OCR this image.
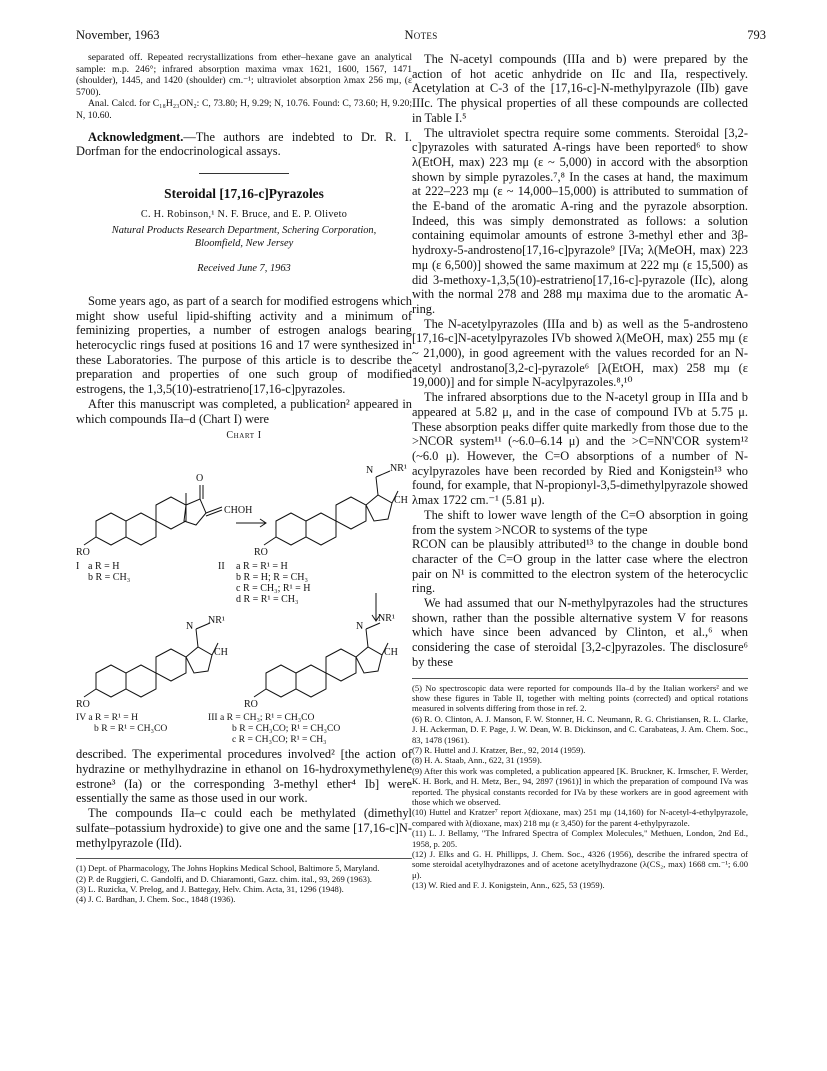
November, 1963	Notes	793

separated off. Repeated recrystallizations from ether–hexane gave an analytical sample: m.p. 246°; infrared absorption maxima νmax 1621, 1600, 1567, 1471 (shoulder), 1445, and 1420 (shoulder) cm.⁻¹; ultraviolet absorption λmax 256 mμ, (ε 5700).

Anal. Calcd. for C₁₈H₂₃ON₂: C, 73.80; H, 9.29; N, 10.76. Found: C, 73.60; H, 9.20; N, 10.60.

Acknowledgment.—The authors are indebted to Dr. R. I. Dorfman for the endocrinological assays.

Steroidal [17,16-c]Pyrazoles

C. H. Robinson,¹ N. F. Bruce, and E. P. Oliveto

Natural Products Research Department, Schering Corporation,

Bloomfield, New Jersey

Received June 7, 1963

Some years ago, as part of a search for modified estrogens which might show useful lipid-shifting activity and a minimum of feminizing properties, a number of estrogen analogs bearing heterocyclic rings fused at positions 16 and 17 were synthesized in these Laboratories. The purpose of this article is to describe the preparation and properties of one such group of modified estrogens, the 1,3,5(10)-estratrieno[17,16-c]pyrazoles.

After this manuscript was completed, a publication² appeared in which compounds IIa–d (Chart I) were

Chart I

O
CHOH
RO
NR¹
N
CH
RO
I a R = H
b R = CH₃
II a R = R¹ = H
b R = H; R = CH₃
c R = CH₃; R¹ = H
d R = R¹ = CH₃
NR¹
N
CH
NR¹
N
CH
RO	RO
IV a R = R¹ = H	III a R = CH₃; R¹ = CH₃CO
b R = R¹ = CH₃CO	b R = CH₃CO; R¹ = CH₃CO
c R = CH₃CO; R¹ = CH₃

described. The experimental procedures involved² [the action of hydrazine or methylhydrazine in ethanol on 16-hydroxymethylene estrone³ (Ia) or the corresponding 3-methyl ether⁴ Ib] were essentially the same as those used in our work.

The compounds IIa–c could each be methylated (dimethyl sulfate–potassium hydroxide) to give one and the same [17,16-c]N-methylpyrazole (IId).

(1) Dept. of Pharmacology, The Johns Hopkins Medical School, Baltimore 5, Maryland.

(2) P. de Ruggieri, C. Gandolfi, and D. Chiaramonti, Gazz. chim. ital., 93, 269 (1963).

(3) L. Ruzicka, V. Prelog, and J. Battegay, Helv. Chim. Acta, 31, 1296 (1948).

(4) J. C. Bardhan, J. Chem. Soc., 1848 (1936).

The N-acetyl compounds (IIIa and b) were prepared by the action of hot acetic anhydride on IIc and IIa, respectively. Acetylation at C-3 of the [17,16-c]-N-methylpyrazole (IIb) gave IIIc. The physical properties of all these compounds are collected in Table I.⁵

The ultraviolet spectra require some comments. Steroidal [3,2-c]pyrazoles with saturated A-rings have been reported⁶ to show λ(EtOH, max) 223 mμ (ε ~ 5,000) in accord with the absorption shown by simple pyrazoles.⁷,⁸ In the cases at hand, the maximum at 222–223 mμ (ε ~ 14,000–15,000) is attributed to summation of the E-band of the aromatic A-ring and the pyrazole absorption. Indeed, this was simply demonstrated as follows: a solution containing equimolar amounts of estrone 3-methyl ether and 3β-hydroxy-5-androsteno[17,16-c]pyrazole⁹ [IVa; λ(MeOH, max) 223 mμ (ε 6,500)] showed the same maximum at 222 mμ (ε 15,500) as did 3-methoxy-1,3,5(10)-estratrieno[17,16-c]-pyrazole (IIc), along with the normal 278 and 288 mμ maxima due to the aromatic A-ring.

The N-acetylpyrazoles (IIIa and b) as well as the 5-androsteno [17,16-c]N-acetylpyrazoles IVb showed λ(MeOH, max) 255 mμ (ε ~ 21,000), in good agreement with the values recorded for an N-acetyl androstano[3,2-c]-pyrazole⁶ [λ(EtOH, max) 258 mμ (ε 19,000)] and for simple N-acylpyrazoles.⁸,¹⁰

The infrared absorptions due to the N-acetyl group in IIIa and b appeared at 5.82 μ, and in the case of compound IVb at 5.75 μ. These absorption peaks differ quite markedly from those due to the >NCOR system¹¹ (~6.0–6.14 μ) and the >C=NN'COR system¹² (~6.0 μ). However, the C=O absorptions of a number of N-acylpyrazoles have been recorded by Ried and Konigstein¹³ who found, for example, that N-propionyl-3,5-dimethylpyrazole showed λmax 1722 cm.⁻¹ (5.81 μ).

The shift to lower wave length of the C=O absorption in going from the system >NCOR to systems of the type

RCON can be plausibly attributed¹³ to the change in double bond character of the C=O group in the latter case where the electron pair on N¹ is committed to the electron system of the heterocyclic ring.

We had assumed that our N-methylpyrazoles had the structures shown, rather than the possible alternative system V for reasons which have since been advanced by Clinton, et al.,⁶ when considering the case of steroidal [3,2-c]pyrazoles. The disclosure⁶ by these

(5) No spectroscopic data were reported for compounds IIa–d by the Italian workers² and we show these figures in Table II, together with melting points (corrected) and optical rotations measured in solvents differing from those in ref. 2.

(6) R. O. Clinton, A. J. Manson, F. W. Stonner, H. C. Neumann, R. G. Christiansen, R. L. Clarke, J. H. Ackerman, D. F. Page, J. W. Dean, W. B. Dickinson, and C. Carabateas, J. Am. Chem. Soc., 83, 1478 (1961).

(7) R. Huttel and J. Kratzer, Ber., 92, 2014 (1959).

(8) H. A. Staab, Ann., 622, 31 (1959).

(9) After this work was completed, a publication appeared [K. Bruckner, K. Irmscher, F. Werder, K. H. Bork, and H. Metz, Ber., 94, 2897 (1961)] in which the preparation of compound IVa was reported. The physical constants recorded for IVa by these workers are in good agreement with those which we observed.

(10) Huttel and Kratzer⁷ report λ(dioxane, max) 251 mμ (14,160) for N-acetyl-4-ethylpyrazole, compared with λ(dioxane, max) 218 mμ (ε 3,450) for the parent 4-ethylpyrazole.

(11) L. J. Bellamy, "The Infrared Spectra of Complex Molecules," Methuen, London, 2nd Ed., 1958, p. 205.

(12) J. Elks and G. H. Phillipps, J. Chem. Soc., 4326 (1956), describe the infrared spectra of some steroidal acetylhydrazones and of acetone acetylhydrazone (λ(CS₂, max) 1668 cm.⁻¹; 6.00 μ).

(13) W. Ried and F. J. Konigstein, Ann., 625, 53 (1959).
